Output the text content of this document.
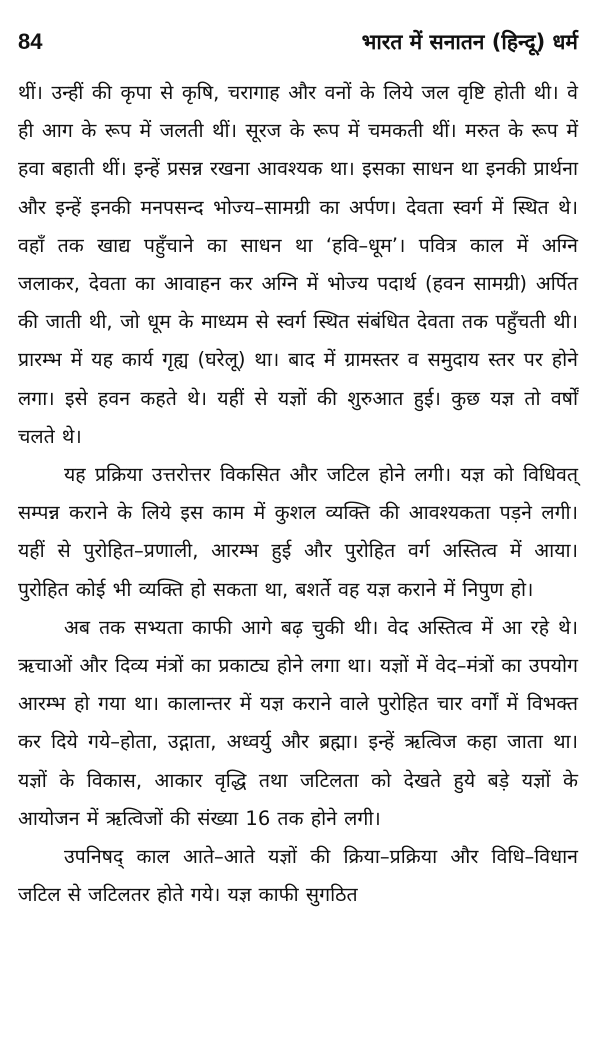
84	भारत में सनातन (हिन्दू) धर्म

थीं। उन्हीं की कृपा से कृषि, चरागाह और वनों के लिये जल वृष्टि होती थी। वे ही आग के रूप में जलती थीं। सूरज के रूप में चमकती थीं। मरुत के रूप में हवा बहाती थीं। इन्हें प्रसन्न रखना आवश्यक था। इसका साधन था इनकी प्रार्थना और इन्हें इनकी मनपसन्द भोज्य–सामग्री का अर्पण। देवता स्वर्ग में स्थित थे। वहाँ तक खाद्य पहुँचाने का साधन था ‘हवि–धूम’। पवित्र काल में अग्नि जलाकर, देवता का आवाहन कर अग्नि में भोज्य पदार्थ (हवन सामग्री) अर्पित की जाती थी, जो धूम के माध्यम से स्वर्ग स्थित संबंधित देवता तक पहुँचती थी। प्रारम्भ में यह कार्य गृह्य (घरेलू) था। बाद में ग्रामस्तर व समुदाय स्तर पर होने लगा। इसे हवन कहते थे। यहीं से यज्ञों की शुरुआत हुई। कुछ यज्ञ तो वर्षों चलते थे।

यह प्रक्रिया उत्तरोत्तर विकसित और जटिल होने लगी। यज्ञ को विधिवत् सम्पन्न कराने के लिये इस काम में कुशल व्यक्ति की आवश्यकता पड़ने लगी। यहीं से पुरोहित–प्रणाली, आरम्भ हुई और पुरोहित वर्ग अस्तित्व में आया। पुरोहित कोई भी व्यक्ति हो सकता था, बशर्ते वह यज्ञ कराने में निपुण हो।

अब तक सभ्यता काफी आगे बढ़ चुकी थी। वेद अस्तित्व में आ रहे थे। ऋचाओं और दिव्य मंत्रों का प्रकाट्य होने लगा था। यज्ञों में वेद–मंत्रों का उपयोग आरम्भ हो गया था। कालान्तर में यज्ञ कराने वाले पुरोहित चार वर्गों में विभक्त कर दिये गये–होता, उद्गाता, अध्वर्यु और ब्रह्मा। इन्हें ऋत्विज कहा जाता था। यज्ञों के विकास, आकार वृद्धि तथा जटिलता को देखते हुये बड़े यज्ञों के आयोजन में ऋत्विजों की संख्या 16 तक होने लगी।

उपनिषद् काल आते–आते यज्ञों की क्रिया–प्रक्रिया और विधि–विधान जटिल से जटिलतर होते गये। यज्ञ काफी सुगठित
